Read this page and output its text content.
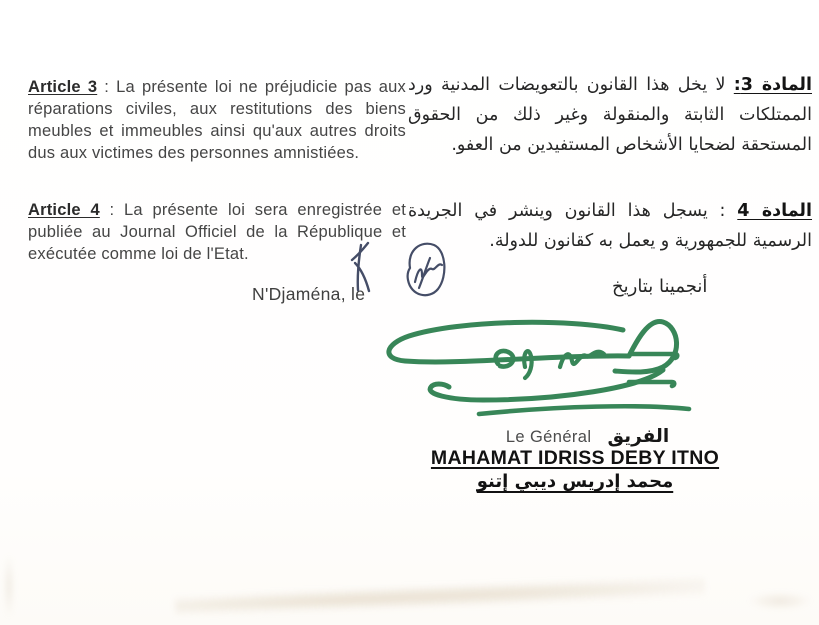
Article 3 : La présente loi ne préjudicie pas aux réparations civiles, aux restitutions des biens meubles et immeubles ainsi qu'aux autres droits dus aux victimes des personnes amnistiées.

Article 4 : La présente loi sera enregistrée et publiée au Journal Officiel de la République et exécutée comme loi de l'Etat.

N'Djaména, le

المادة 3: لا يخل هذا القانون بالتعويضات المدنية ورد الممتلكات الثابتة والمنقولة وغير ذلك من الحقوق المستحقة لضحايا الأشخاص المستفيدين من العفو.

المادة 4 : يسجل هذا القانون وينشر في الجريدة الرسمية للجمهورية و يعمل به كقانون للدولة.

أنجمينا بتاريخ
Le Général الفريق
MAHAMAT IDRISS DEBY ITNO
محمد إدريس ديبي إتنو
